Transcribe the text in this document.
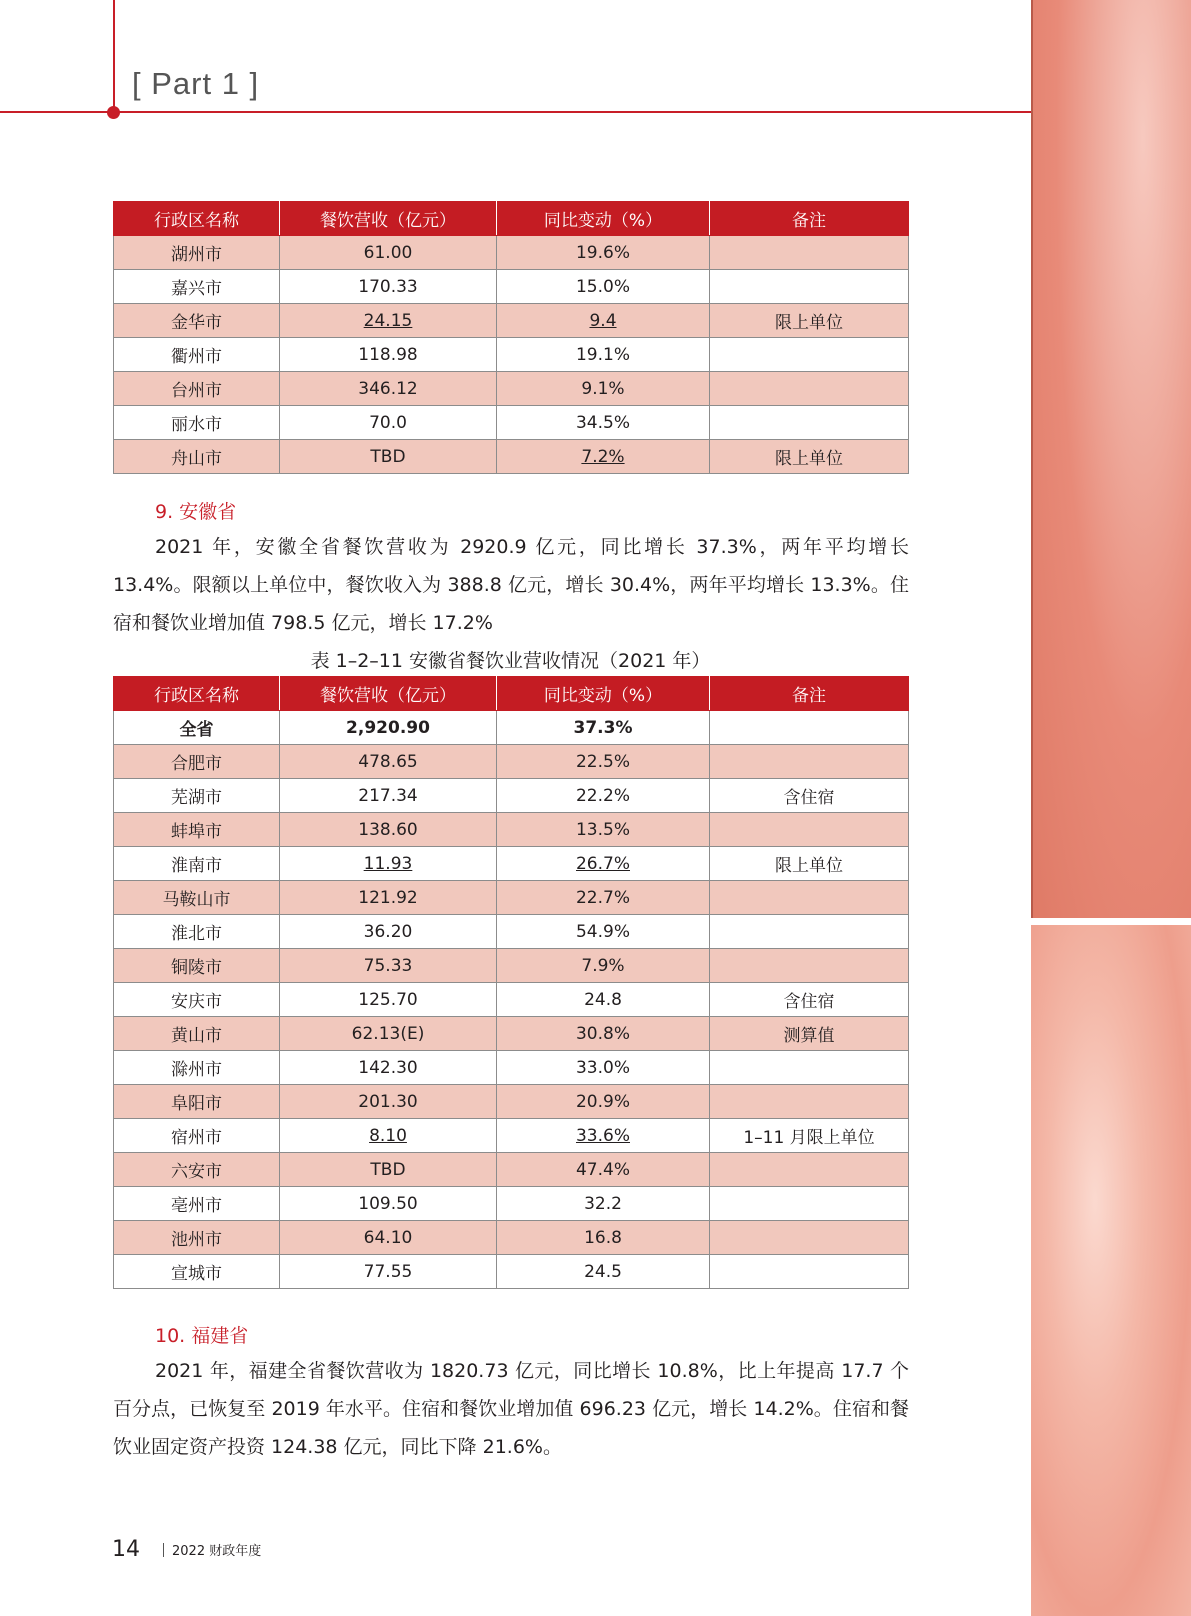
[ Part 1 ]
行政区名称	餐饮营收（亿元）	同比变动（%）	备注
湖州市	61.00	19.6%	
嘉兴市	170.33	15.0%	
金华市	24.15	9.4	限上单位
衢州市	118.98	19.1%	
台州市	346.12	9.1%	
丽水市	70.0	34.5%	
舟山市	TBD	7.2%	限上单位
9. 安徽省
2021 年，安徽全省餐饮营收为 2920.9 亿元，同比增长 37.3%，两年平均增长 13.4%。限额以上单位中，餐饮收入为 388.8 亿元，增长 30.4%，两年平均增长 13.3%。住宿和餐饮业增加值 798.5 亿元，增长 17.2%
表 1–2–11 安徽省餐饮业营收情况（2021 年）
行政区名称	餐饮营收（亿元）	同比变动（%）	备注
全省	2,920.90	37.3%	
合肥市	478.65	22.5%	
芜湖市	217.34	22.2%	含住宿
蚌埠市	138.60	13.5%	
淮南市	11.93	26.7%	限上单位
马鞍山市	121.92	22.7%	
淮北市	36.20	54.9%	
铜陵市	75.33	7.9%	
安庆市	125.70	24.8	含住宿
黄山市	62.13(E)	30.8%	测算值
滁州市	142.30	33.0%	
阜阳市	201.30	20.9%	
宿州市	8.10	33.6%	1–11 月限上单位
六安市	TBD	47.4%	
亳州市	109.50	32.2	
池州市	64.10	16.8	
宣城市	77.55	24.5	
10. 福建省
2021 年，福建全省餐饮营收为 1820.73 亿元，同比增长 10.8%，比上年提高 17.7 个百分点，已恢复至 2019 年水平。住宿和餐饮业增加值 696.23 亿元，增长 14.2%。住宿和餐饮业固定资产投资 124.38 亿元，同比下降 21.6%。
14 2022 财政年度
